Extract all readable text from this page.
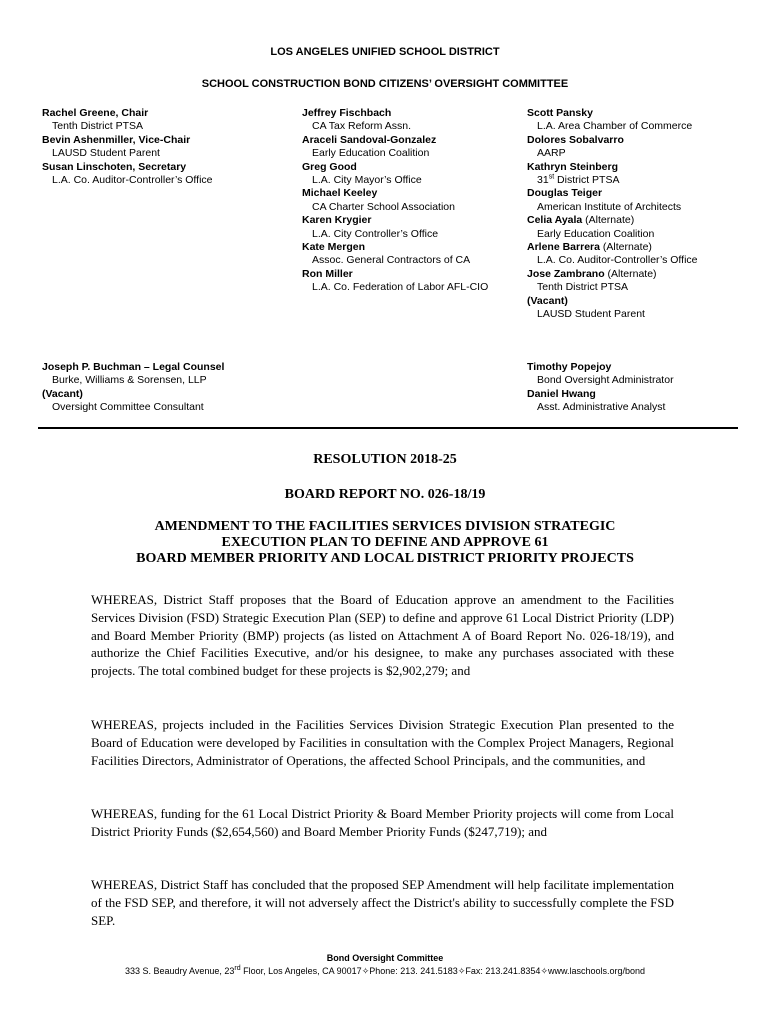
LOS ANGELES UNIFIED SCHOOL DISTRICT
SCHOOL CONSTRUCTION BOND CITIZENS’ OVERSIGHT COMMITTEE
Rachel Greene, Chair
Tenth District PTSA
Bevin Ashenmiller, Vice-Chair
LAUSD Student Parent
Susan Linschoten, Secretary
L.A. Co. Auditor-Controller’s Office
Jeffrey Fischbach
CA Tax Reform Assn.
Araceli Sandoval-Gonzalez
Early Education Coalition
Greg Good
L.A. City Mayor’s Office
Michael Keeley
CA Charter School Association
Karen Krygier
L.A. City Controller’s Office
Kate Mergen
Assoc. General Contractors of CA
Ron Miller
L.A. Co. Federation of Labor AFL-CIO
Scott Pansky
L.A. Area Chamber of Commerce
Dolores Sobalvarro
AARP
Kathryn Steinberg
31st District PTSA
Douglas Teiger
American Institute of Architects
Celia Ayala (Alternate)
Early Education Coalition
Arlene Barrera (Alternate)
L.A. Co. Auditor-Controller’s Office
Jose Zambrano (Alternate)
Tenth District PTSA
(Vacant)
LAUSD Student Parent
Joseph P. Buchman – Legal Counsel
Burke, Williams & Sorensen, LLP
(Vacant)
Oversight Committee Consultant
Timothy Popejoy
Bond Oversight Administrator
Daniel Hwang
Asst. Administrative Analyst
RESOLUTION 2018-25
BOARD REPORT NO. 026-18/19
AMENDMENT TO THE FACILITIES SERVICES DIVISION STRATEGIC
EXECUTION PLAN TO DEFINE AND APPROVE 61
BOARD MEMBER PRIORITY AND LOCAL DISTRICT PRIORITY PROJECTS
WHEREAS, District Staff proposes that the Board of Education approve an amendment to the Facilities Services Division (FSD) Strategic Execution Plan (SEP) to define and approve 61 Local District Priority (LDP) and Board Member Priority (BMP) projects (as listed on Attachment A of Board Report No. 026-18/19), and authorize the Chief Facilities Executive, and/or his designee, to make any purchases associated with these projects. The total combined budget for these projects is $2,902,279; and
WHEREAS, projects included in the Facilities Services Division Strategic Execution Plan presented to the Board of Education were developed by Facilities in consultation with the Complex Project Managers, Regional Facilities Directors, Administrator of Operations, the affected School Principals, and the communities, and
WHEREAS, funding for the 61 Local District Priority & Board Member Priority projects will come from Local District Priority Funds ($2,654,560) and Board Member Priority Funds ($247,719); and
WHEREAS, District Staff has concluded that the proposed SEP Amendment will help facilitate implementation of the FSD SEP, and therefore, it will not adversely affect the District's ability to successfully complete the FSD SEP.
Bond Oversight Committee
333 S. Beaudry Avenue, 23rd Floor, Los Angeles, CA 90017✧Phone: 213. 241.5183✧Fax: 213.241.8354✧www.laschools.org/bond
